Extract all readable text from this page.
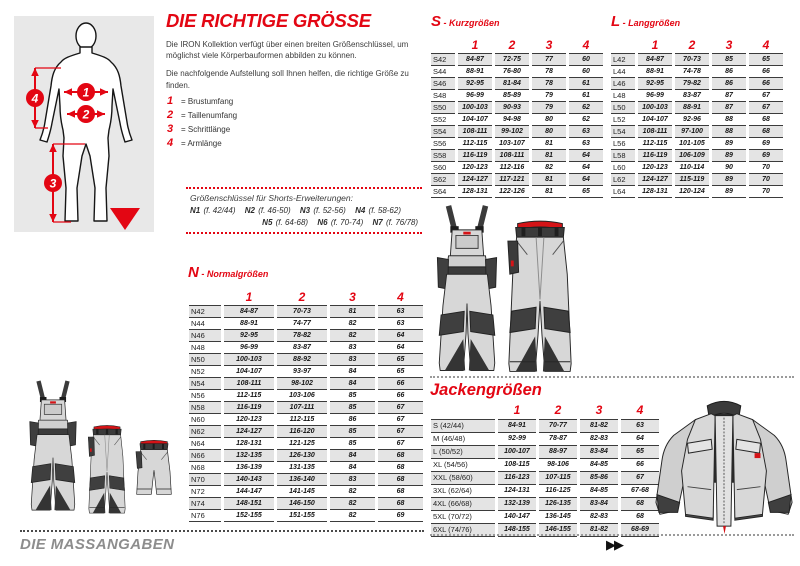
1
2
4
3
DIE RICHTIGE GRÖSSE

Die IRON Kollektion verfügt über einen breiten Größenschlüssel, um möglichst viele Körperbauformen abbilden zu können.

Die nachfolgende Aufstellung soll Ihnen helfen, die richtige Größe zu finden.

1 = Brustumfang
2 = Taillenumfang
3 = Schrittlänge
4 = Armlänge
Größenschlüssel für Shorts-Erweiterungen:
N1 (f. 42/44) N2 (f. 46-50) N3 (f. 52-56) N4 (f. 58-62)
N5 (f. 64-68) N6 (f. 70-74) N7 (f. 76/78)
S - Kurzgrößen	L - Langgrößen
N - Normalgrößen
Jackengrößen
	1	2	3	4
S42	84-87	72-75	77	60
S44	88-91	76-80	78	60
S46	92-95	81-84	78	61
S48	96-99	85-89	79	61
S50	100-103	90-93	79	62
S52	104-107	94-98	80	62
S54	108-111	99-102	80	63
S56	112-115	103-107	81	63
S58	116-119	108-111	81	64
S60	120-123	112-116	82	64
S62	124-127	117-121	81	64
S64	128-131	122-126	81	65
	1	2	3	4
L42	84-87	70-73	85	65
L44	88-91	74-78	86	66
L46	92-95	79-82	86	66
L48	96-99	83-87	87	67
L50	100-103	88-91	87	67
L52	104-107	92-96	88	68
L54	108-111	97-100	88	68
L56	112-115	101-105	89	69
L58	116-119	106-109	89	69
L60	120-123	110-114	90	70
L62	124-127	115-119	89	70
L64	128-131	120-124	89	70
	1	2	3	4
N42	84-87	70-73	81	63
N44	88-91	74-77	82	63
N46	92-95	78-82	82	64
N48	96-99	83-87	83	64
N50	100-103	88-92	83	65
N52	104-107	93-97	84	65
N54	108-111	98-102	84	66
N56	112-115	103-106	85	66
N58	116-119	107-111	85	67
N60	120-123	112-115	86	67
N62	124-127	116-120	85	67
N64	128-131	121-125	85	67
N66	132-135	126-130	84	68
N68	136-139	131-135	84	68
N70	140-143	136-140	83	68
N72	144-147	141-145	82	68
N74	148-151	146-150	82	68
N76	152-155	151-155	82	69
	1	2	3	4
S (42/44)	84-91	70-77	81-82	63
M (46/48)	92-99	78-87	82-83	64
L (50/52)	100-107	88-97	83-84	65
XL (54/56)	108-115	98-106	84-85	66
XXL (58/60)	116-123	107-115	85-86	67
3XL (62/64)	124-131	116-125	84-85	67-68
4XL (66/68)	132-139	126-135	83-84	68
5XL (70/72)	140-147	136-145	82-83	68
6XL (74/76)	148-155	146-155	81-82	68-69
DIE MASSANGABEN	▶▶
